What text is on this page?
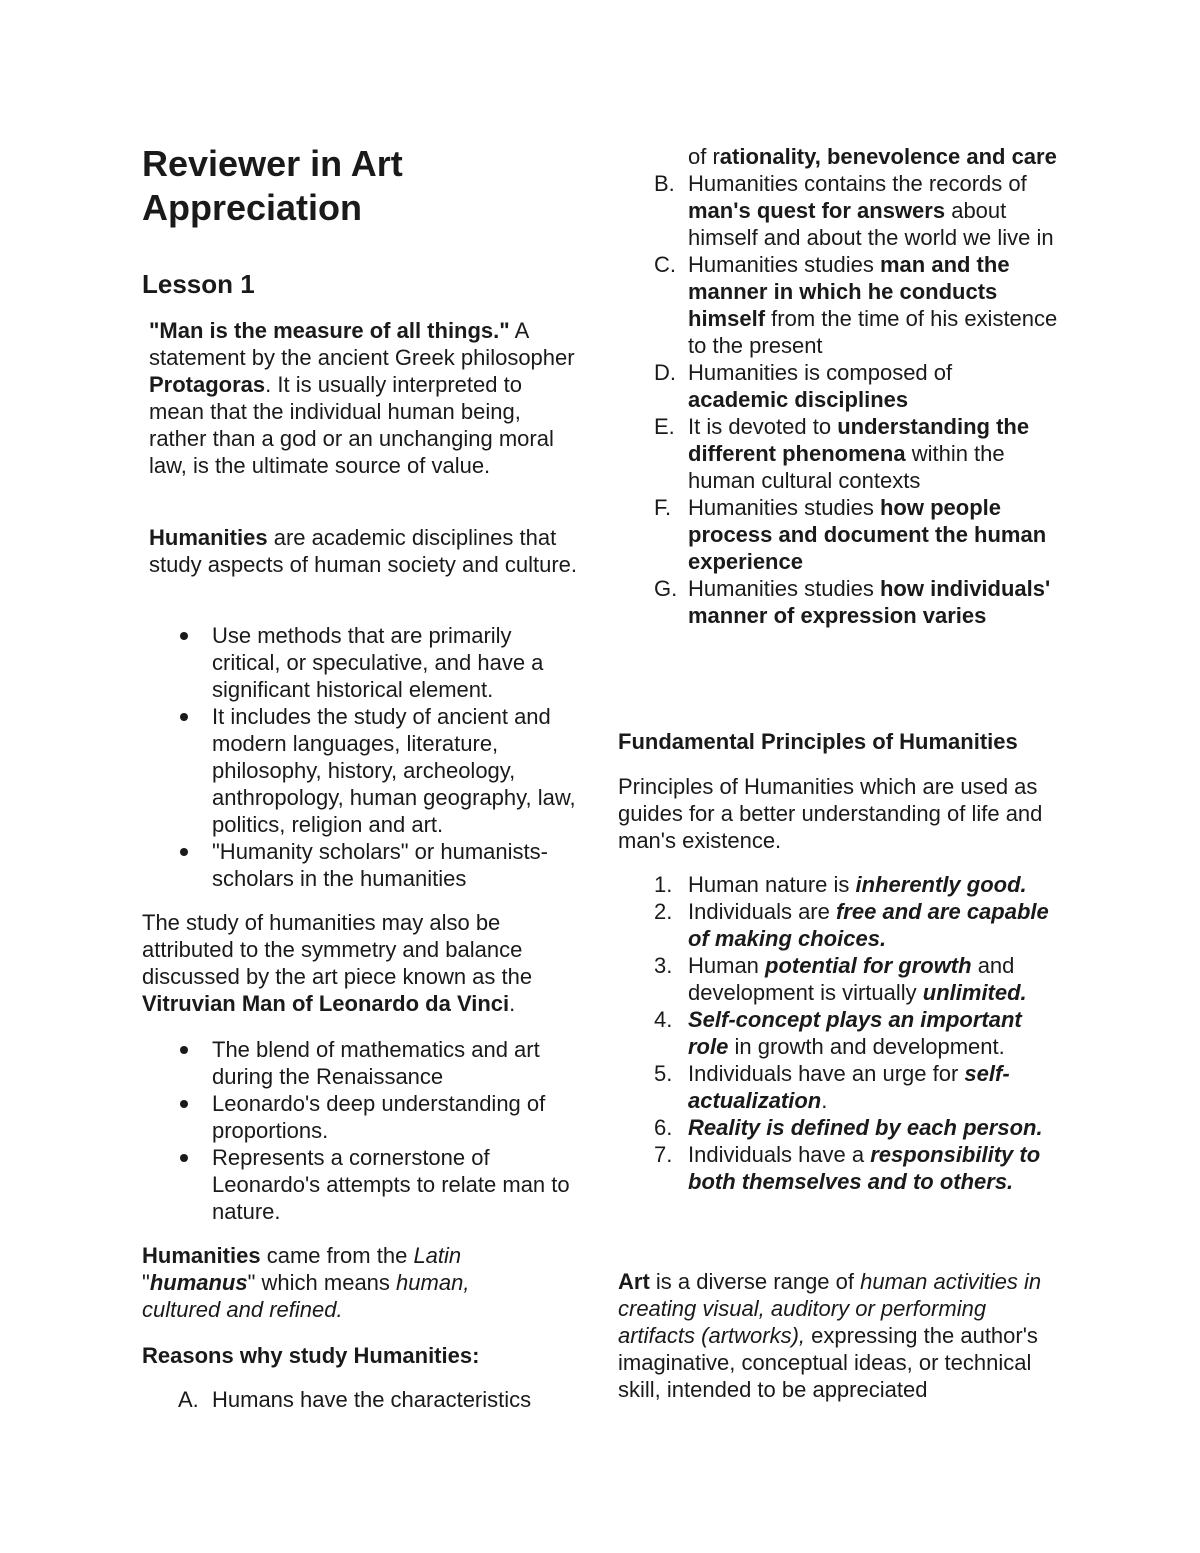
Reviewer in Art Appreciation
Lesson 1

"Man is the measure of all things." A statement by the ancient Greek philosopher Protagoras. It is usually interpreted to mean that the individual human being, rather than a god or an unchanging moral law, is the ultimate source of value.

Humanities are academic disciplines that study aspects of human society and culture.

Use methods that are primarily critical, or speculative, and have a significant historical element.
It includes the study of ancient and modern languages, literature, philosophy, history, archeology, anthropology, human geography, law, politics, religion and art.
"Humanity scholars" or humanists-scholars in the humanities

The study of humanities may also be attributed to the symmetry and balance discussed by the art piece known as the Vitruvian Man of Leonardo da Vinci.

The blend of mathematics and art during the Renaissance
Leonardo's deep understanding of proportions.
Represents a cornerstone of Leonardo's attempts to relate man to nature.

Humanities came from the Latin "humanus" which means human, cultured and refined.

Reasons why study Humanities:

A. Humans have the characteristics
of rationality, benevolence and care
B. Humanities contains the records of man's quest for answers about himself and about the world we live in
C. Humanities studies man and the manner in which he conducts himself from the time of his existence to the present
D. Humanities is composed of academic disciplines
E. It is devoted to understanding the different phenomena within the human cultural contexts
F. Humanities studies how people process and document the human experience
G. Humanities studies how individuals' manner of expression varies

Fundamental Principles of Humanities

Principles of Humanities which are used as guides for a better understanding of life and man's existence.

1. Human nature is inherently good.
2. Individuals are free and are capable of making choices.
3. Human potential for growth and development is virtually unlimited.
4. Self-concept plays an important role in growth and development.
5. Individuals have an urge for self-actualization.
6. Reality is defined by each person.
7. Individuals have a responsibility to both themselves and to others.

Art is a diverse range of human activities in creating visual, auditory or performing artifacts (artworks), expressing the author's imaginative, conceptual ideas, or technical skill, intended to be appreciated
